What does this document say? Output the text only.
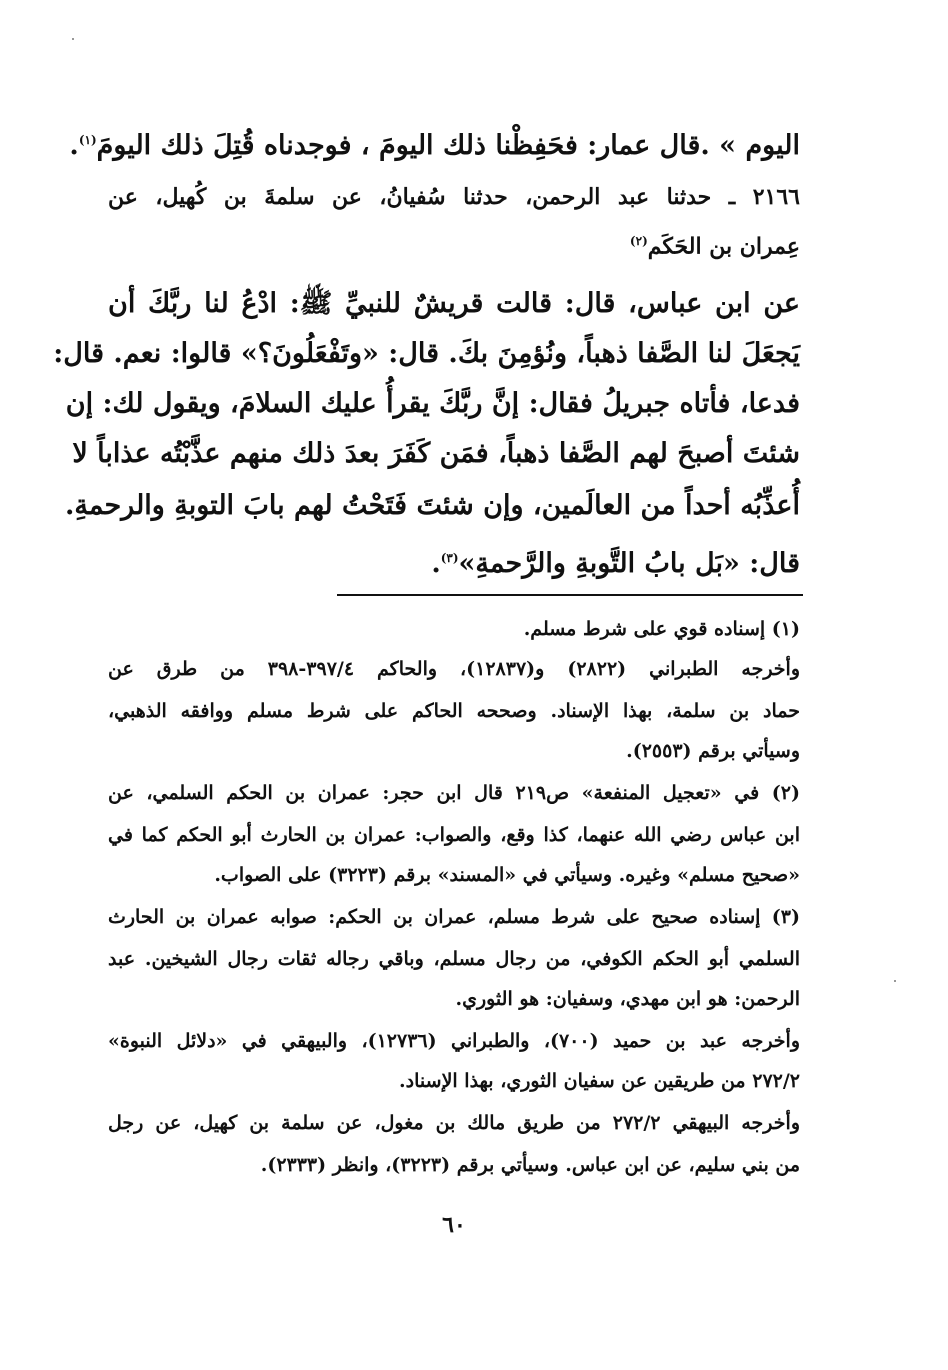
اليوم » .قال عمار: فحَفِظْنا ذلك اليومَ ، فوجدناه قُتِلَ ذلك اليومَ$^{(١)}$.
٢١٦٦ ـ حدثنا عبد الرحمن، حدثنا سُفيانُ، عن سلمةَ بن كُهيل، عن
عِمران بن الحَكَم$^{(٢)}$
عن ابن عباس، قال: قالت قريشٌ للنبيِّ ﷺ: ادْعُ لنا ربَّكَ أن
يَجعَلَ لنا الصَّفا ذهباً، ونُؤمِنَ بكَ. قال: «وتَفْعَلُونَ؟» قالوا: نعم. قال:
فدعا، فأتاه جبريلُ فقال: إنَّ ربَّكَ يقرأُ عليك السلامَ، ويقول لك: إن
شئتَ أصبحَ لهم الصَّفا ذهباً، فمَن كَفَرَ بعدَ ذلك منهم عذَّبْتُه عذاباً لا
أُعذِّبُه أحداً من العالَمين، وإن شئتَ فَتَحْتُ لهم بابَ التوبةِ والرحمةِ.
قال: «بَل بابُ التَّوبةِ والرَّحمةِ»$^{(٣)}$.
(١) إسناده قوي على شرط مسلم.
وأخرجه الطبراني (٢٨٢٢) و(١٢٨٣٧)، والحاكم ٣٩٧/٤-٣٩٨ من طرق عن
حماد بن سلمة، بهذا الإسناد. وصححه الحاكم على شرط مسلم ووافقه الذهبي،
وسيأتي برقم (٢٥٥٣).
(٢) في «تعجيل المنفعة» ص٢١٩ قال ابن حجر: عمران بن الحكم السلمي، عن
ابن عباس رضي الله عنهما، كذا وقع، والصواب: عمران بن الحارث أبو الحكم كما في
«صحيح مسلم» وغيره. وسيأتي في «المسند» برقم (٣٢٢٣) على الصواب.
(٣) إسناده صحيح على شرط مسلم، عمران بن الحكم: صوابه عمران بن الحارث
السلمي أبو الحكم الكوفي، من رجال مسلم، وباقي رجاله ثقات رجال الشيخين. عبد
الرحمن: هو ابن مهدي، وسفيان: هو الثوري.
وأخرجه عبد بن حميد (٧٠٠)، والطبراني (١٢٧٣٦)، والبيهقي في «دلائل النبوة»
٢٧٢/٢ من طريقين عن سفيان الثوري، بهذا الإسناد.
وأخرجه البيهقي ٢٧٢/٢ من طريق مالك بن مغول، عن سلمة بن كهيل، عن رجل
من بني سليم، عن ابن عباس. وسيأتي برقم (٣٢٢٣)، وانظر (٢٣٣٣).
٦٠
